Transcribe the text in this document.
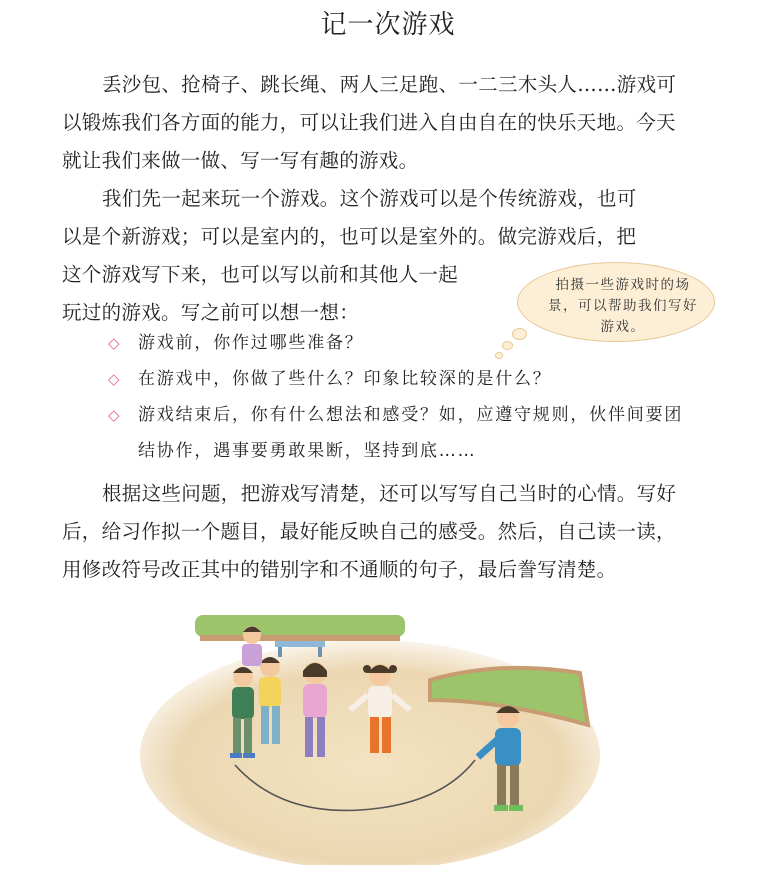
记一次游戏
丢沙包、抢椅子、跳长绳、两人三足跑、一二三木头人……游戏可以锻炼我们各方面的能力，可以让我们进入自由自在的快乐天地。今天就让我们来做一做、写一写有趣的游戏。
我们先一起来玩一个游戏。这个游戏可以是个传统游戏，也可
以是个新游戏；可以是室内的，也可以是室外的。做完游戏后，把
这个游戏写下来，也可以写以前和其他人一起
玩过的游戏。写之前可以想一想：
拍摄一些游戏时的场景，可以帮助我们写好游戏。
◇ 游戏前，你作过哪些准备？
◇ 在游戏中，你做了些什么？印象比较深的是什么？
◇ 游戏结束后，你有什么想法和感受？如，应遵守规则，伙伴间要团结协作，遇事要勇敢果断，坚持到底……
根据这些问题，把游戏写清楚，还可以写写自己当时的心情。写好后，给习作拟一个题目，最好能反映自己的感受。然后，自己读一读，用修改符号改正其中的错别字和不通顺的句子，最后誊写清楚。
